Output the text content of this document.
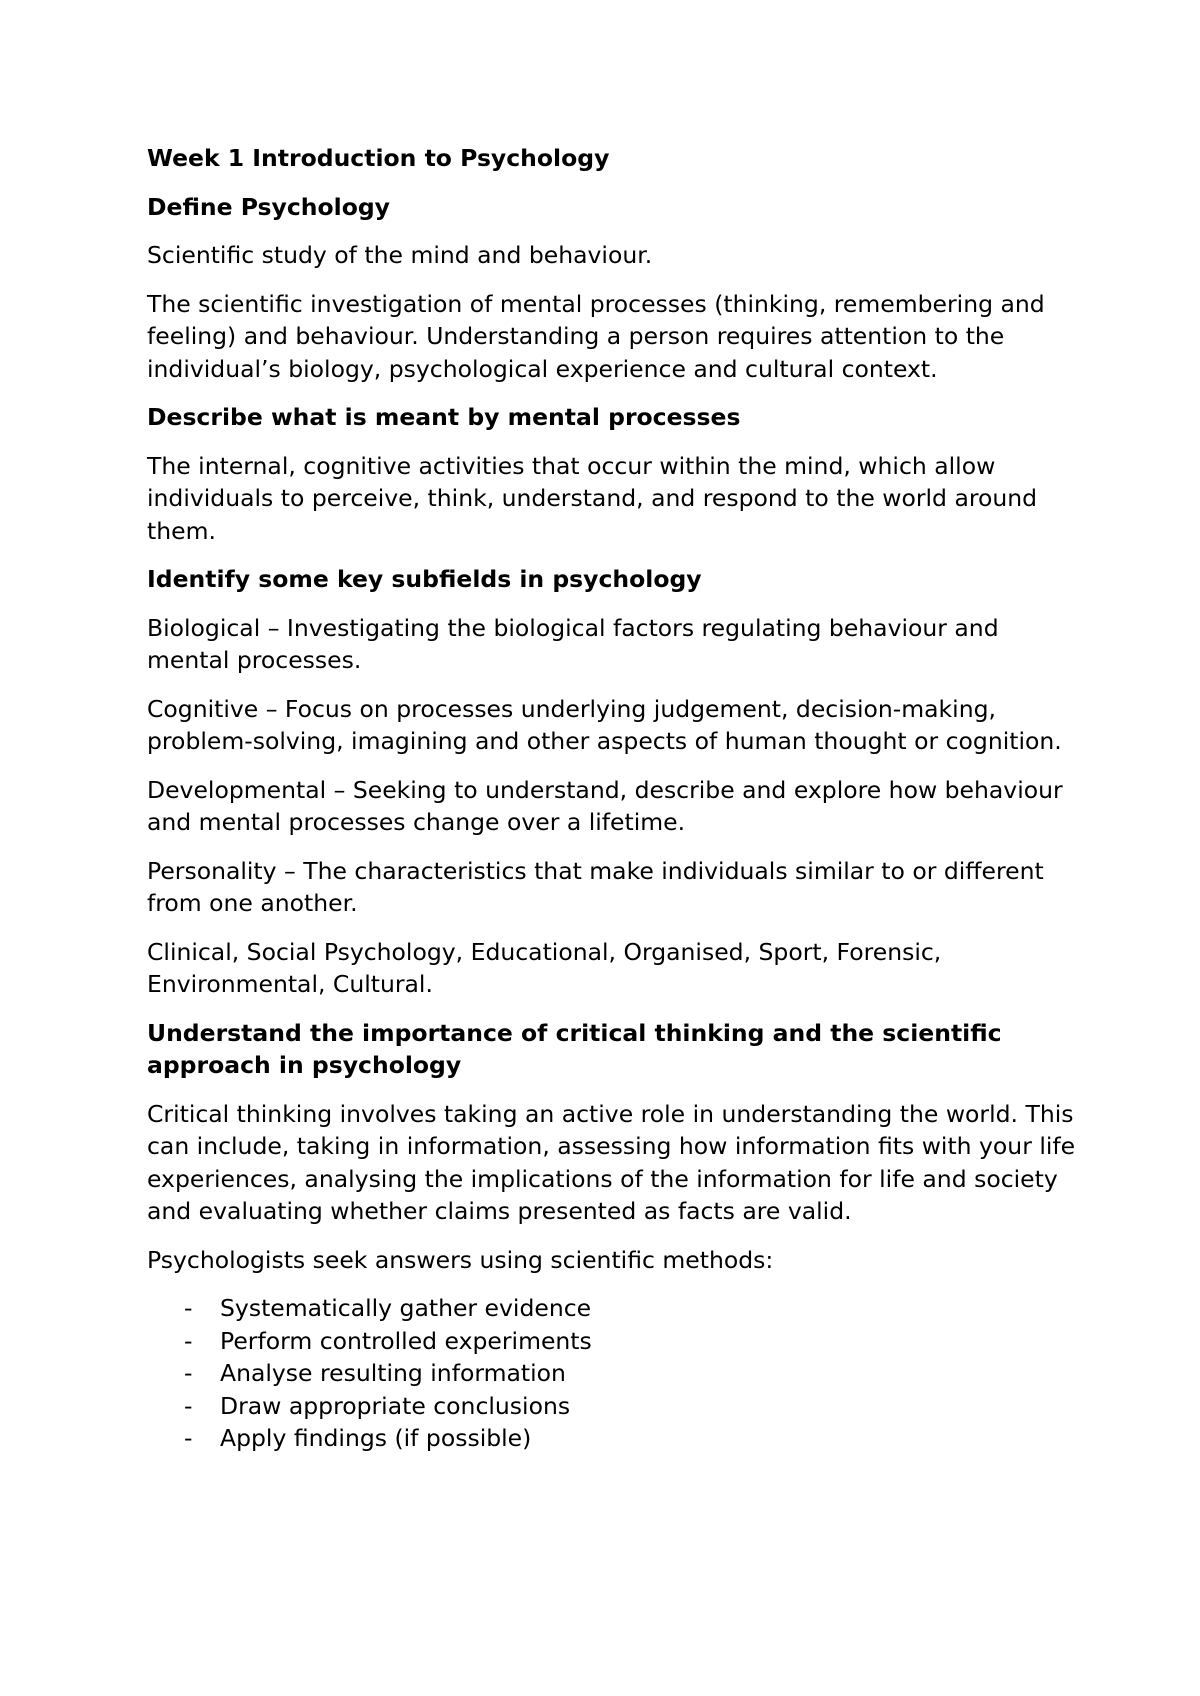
Week 1 Introduction to Psychology
Define Psychology

Scientific study of the mind and behaviour.

The scientific investigation of mental processes (thinking, remembering and feeling) and behaviour. Understanding a person requires attention to the individual’s biology, psychological experience and cultural context.

Describe what is meant by mental processes

The internal, cognitive activities that occur within the mind, which allow individuals to perceive, think, understand, and respond to the world around them.

Identify some key subfields in psychology

Biological – Investigating the biological factors regulating behaviour and mental processes.

Cognitive – Focus on processes underlying judgement, decision-making, problem-solving, imagining and other aspects of human thought or cognition.

Developmental – Seeking to understand, describe and explore how behaviour and mental processes change over a lifetime.

Personality – The characteristics that make individuals similar to or different from one another.

Clinical, Social Psychology, Educational, Organised, Sport, Forensic, Environmental, Cultural.

Understand the importance of critical thinking and the scientific approach in psychology

Critical thinking involves taking an active role in understanding the world. This can include, taking in information, assessing how information fits with your life experiences, analysing the implications of the information for life and society and evaluating whether claims presented as facts are valid.

Psychologists seek answers using scientific methods:

- Systematically gather evidence
- Perform controlled experiments
- Analyse resulting information
- Draw appropriate conclusions
- Apply findings (if possible)
